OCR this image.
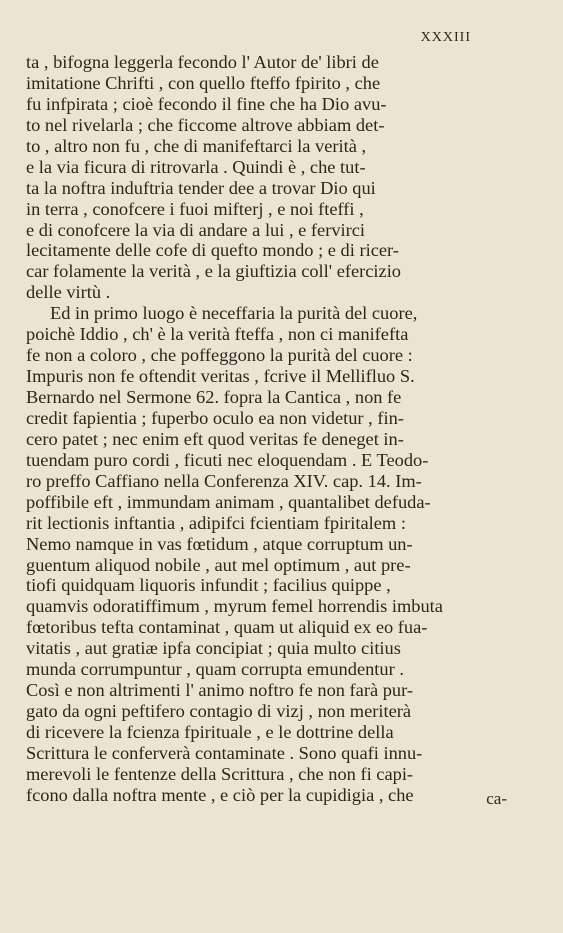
XXXIII
ta , bifogna leggerla fecondo l' Autor de' libri de
imitatione Chrifti , con quello fteffo fpirito , che
fu infpirata ; cioè fecondo il fine che ha Dio avu-
to nel rivelarla ; che ficcome altrove abbiam det-
to , altro non fu , che di manifeftarci la verità ,
e la via ficura di ritrovarla . Quindi è , che tut-
ta la noftra induftria tender dee a trovar Dio qui
in terra , conofcere i fuoi mifterj , e noi fteffi ,
e di conofcere la via di andare a lui , e fervirci
lecitamente delle cofe di quefto mondo ; e di ricer-
car folamente la verità , e la giuftizia coll' efercizio
delle virtù .
Ed in primo luogo è neceffaria la purità del cuore,
poichè Iddio , ch' è la verità fteffa , non ci manifefta
fe non a coloro , che poffeggono la purità del cuore :
Impuris non fe oftendit veritas , fcrive il Mellifluo S.
Bernardo nel Sermone 62. fopra la Cantica , non fe
credit fapientia ; fuperbo oculo ea non videtur , fin-
cero patet ; nec enim eft quod veritas fe deneget in-
tuendam puro cordi , ficuti nec eloquendam . E Teodo-
ro preffo Caffiano nella Conferenza XIV. cap. 14. Im-
poffibile eft , immundam animam , quantalibet defuda-
rit lectionis inftantia , adipifci fcientiam fpiritalem :
Nemo namque in vas fœtidum , atque corruptum un-
guentum aliquod nobile , aut mel optimum , aut pre-
tiofi quidquam liquoris infundit ; facilius quippe ,
quamvis odoratiffimum , myrum femel horrendis imbuta
fœtoribus tefta contaminat , quam ut aliquid ex eo fua-
vitatis , aut gratiæ ipfa concipiat ; quia multo citius
munda corrumpuntur , quam corrupta emundentur .
Così e non altrimenti l' animo noftro fe non farà pur-
gato da ogni peftifero contagio di vizj , non meriterà
di ricevere la fcienza fpirituale , e le dottrine della
Scrittura le conferverà contaminate . Sono quafi innu-
merevoli le fentenze della Scrittura , che non fi capi-
fcono dalla noftra mente , e ciò per la cupidigia , che	ca-
